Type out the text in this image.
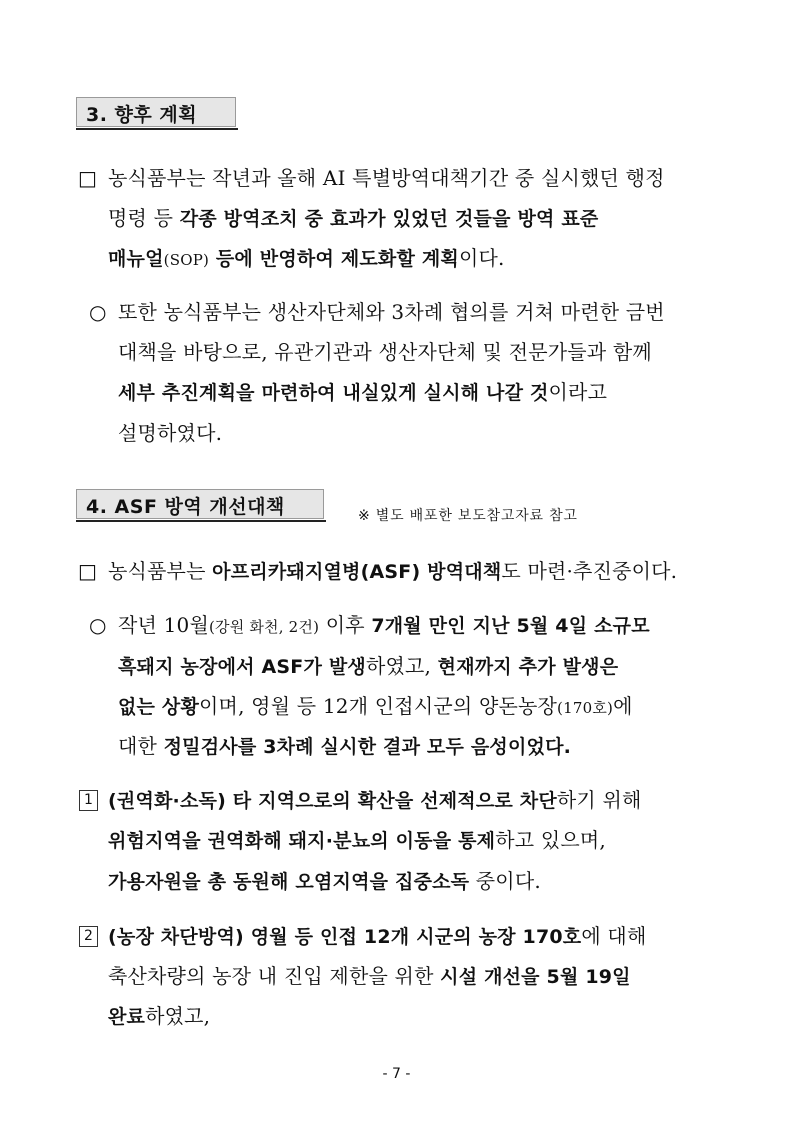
3. 향후 계획
□ 농식품부는 작년과 올해 AI 특별방역대책기간 중 실시했던 행정
명령 등 각종 방역조치 중 효과가 있었던 것들을 방역 표준
매뉴얼(SOP) 등에 반영하여 제도화할 계획이다.
○ 또한 농식품부는 생산자단체와 3차례 협의를 거쳐 마련한 금번
대책을 바탕으로, 유관기관과 생산자단체 및 전문가들과 함께
세부 추진계획을 마련하여 내실있게 실시해 나갈 것이라고
설명하였다.
4. ASF 방역 개선대책	※ 별도 배포한 보도참고자료 참고
□ 농식품부는 아프리카돼지열병(ASF) 방역대책도 마련·추진중이다.
○ 작년 10월(강원 화천, 2건) 이후 7개월 만인 지난 5월 4일 소규모
흑돼지 농장에서 ASF가 발생하였고, 현재까지 추가 발생은
없는 상황이며, 영월 등 12개 인접시군의 양돈농장(170호)에
대한 정밀검사를 3차례 실시한 결과 모두 음성이었다.
1 (권역화·소독) 타 지역으로의 확산을 선제적으로 차단하기 위해
위험지역을 권역화해 돼지·분뇨의 이동을 통제하고 있으며,
가용자원을 총 동원해 오염지역을 집중소독 중이다.
2 (농장 차단방역) 영월 등 인접 12개 시군의 농장 170호에 대해
축산차량의 농장 내 진입 제한을 위한 시설 개선을 5월 19일
완료하였고,
- 7 -
